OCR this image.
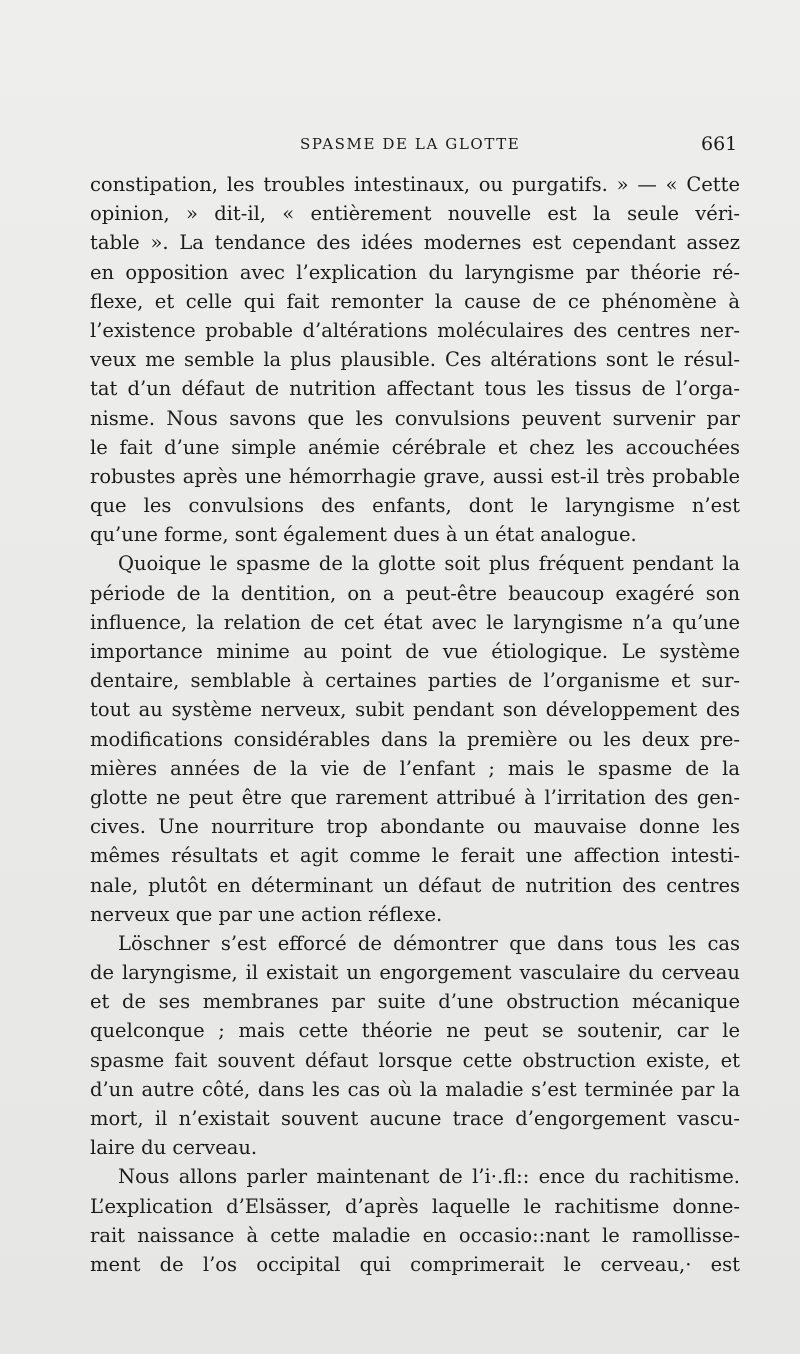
SPASME DE LA GLOTTE	661
constipation, les troubles intestinaux, ou purgatifs. » — « Cette
opinion, » dit-il, « entièrement nouvelle est la seule véri-
table ». La tendance des idées modernes est cependant assez
en opposition avec l’explication du laryngisme par théorie ré-
flexe, et celle qui fait remonter la cause de ce phénomène à
l’existence probable d’altérations moléculaires des centres ner-
veux me semble la plus plausible. Ces altérations sont le résul-
tat d’un défaut de nutrition affectant tous les tissus de l’orga-
nisme. Nous savons que les convulsions peuvent survenir par
le fait d’une simple anémie cérébrale et chez les accouchées
robustes après une hémorrhagie grave, aussi est-il très probable
que les convulsions des enfants, dont le laryngisme n’est
qu’une forme, sont également dues à un état analogue.
Quoique le spasme de la glotte soit plus fréquent pendant la
période de la dentition, on a peut-être beaucoup exagéré son
influence, la relation de cet état avec le laryngisme n’a qu’une
importance minime au point de vue étiologique. Le système
dentaire, semblable à certaines parties de l’organisme et sur-
tout au système nerveux, subit pendant son développement des
modifications considérables dans la première ou les deux pre-
mières années de la vie de l’enfant ; mais le spasme de la
glotte ne peut être que rarement attribué à l’irritation des gen-
cives. Une nourriture trop abondante ou mauvaise donne les
mêmes résultats et agit comme le ferait une affection intesti-
nale, plutôt en déterminant un défaut de nutrition des centres
nerveux que par une action réflexe.
Löschner s’est efforcé de démontrer que dans tous les cas
de laryngisme, il existait un engorgement vasculaire du cerveau
et de ses membranes par suite d’une obstruction mécanique
quelconque ; mais cette théorie ne peut se soutenir, car le
spasme fait souvent défaut lorsque cette obstruction existe, et
d’un autre côté, dans les cas où la maladie s’est terminée par la
mort, il n’existait souvent aucune trace d’engorgement vascu-
laire du cerveau.
Nous allons parler maintenant de l’i·.fl:: ence du rachitisme.
L’explication d’Elsässer, d’après laquelle le rachitisme donne-
rait naissance à cette maladie en occasio::nant le ramollisse-
ment de l’os occipital qui comprimerait le cerveau,· est
